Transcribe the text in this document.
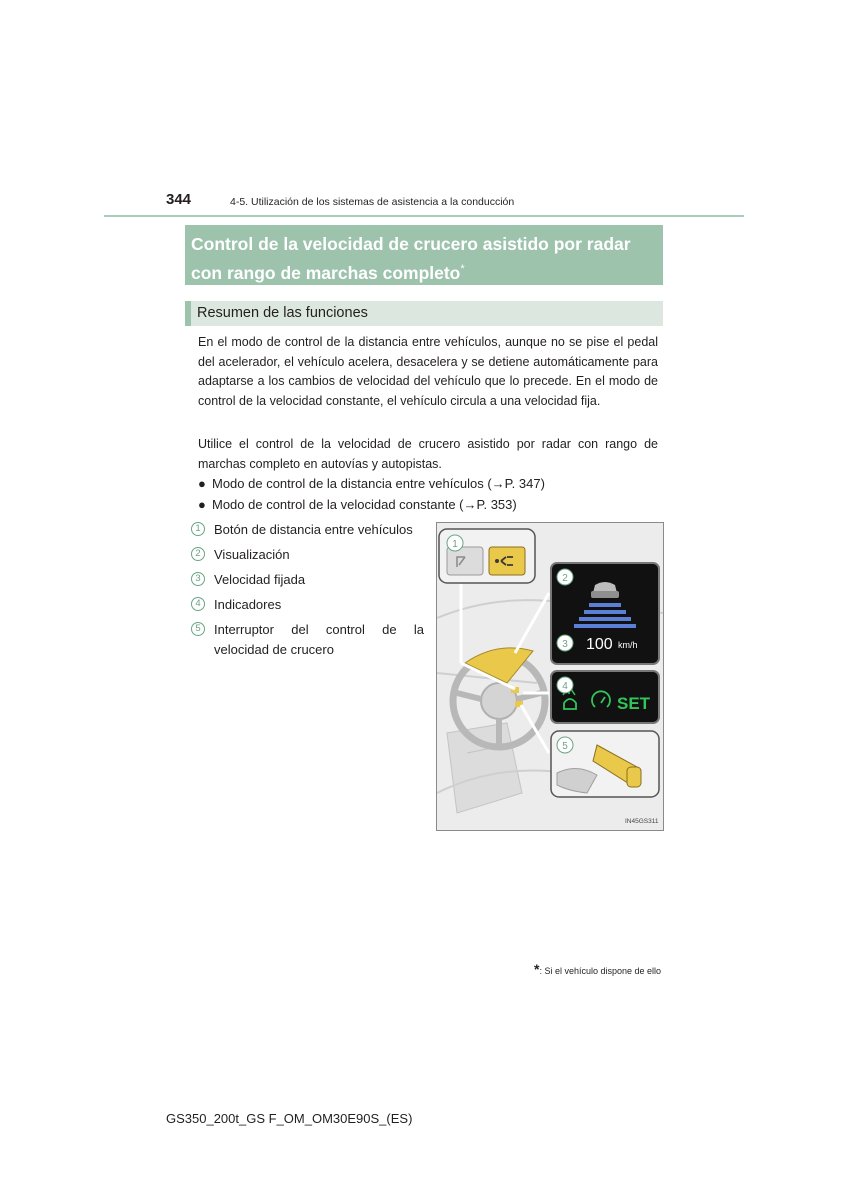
344	4-5. Utilización de los sistemas de asistencia a la conducción
Control de la velocidad de crucero asistido por radar
con rango de marchas completo*
Resumen de las funciones

En el modo de control de la distancia entre vehículos, aunque no se pise el pedal del acelerador, el vehículo acelera, desacelera y se detiene automáticamente para adaptarse a los cambios de velocidad del vehículo que lo precede. En el modo de control de la velocidad constante, el vehículo circula a una velocidad fija.

Utilice el control de la velocidad de crucero asistido por radar con rango de marchas completo en autovías y autopistas.

● Modo de control de la distancia entre vehículos (→P. 347)
● Modo de control de la velocidad constante (→P. 353)
1	Botón de distancia entre vehículos
2	Visualización
3	Velocidad fijada
4	Indicadores
5	Interruptor del control de la velocidad de crucero	100 km/h
SET
1
2
3
4
5
IN45GS311
*: Si el vehículo dispone de ello
GS350_200t_GS F_OM_OM30E90S_(ES)
